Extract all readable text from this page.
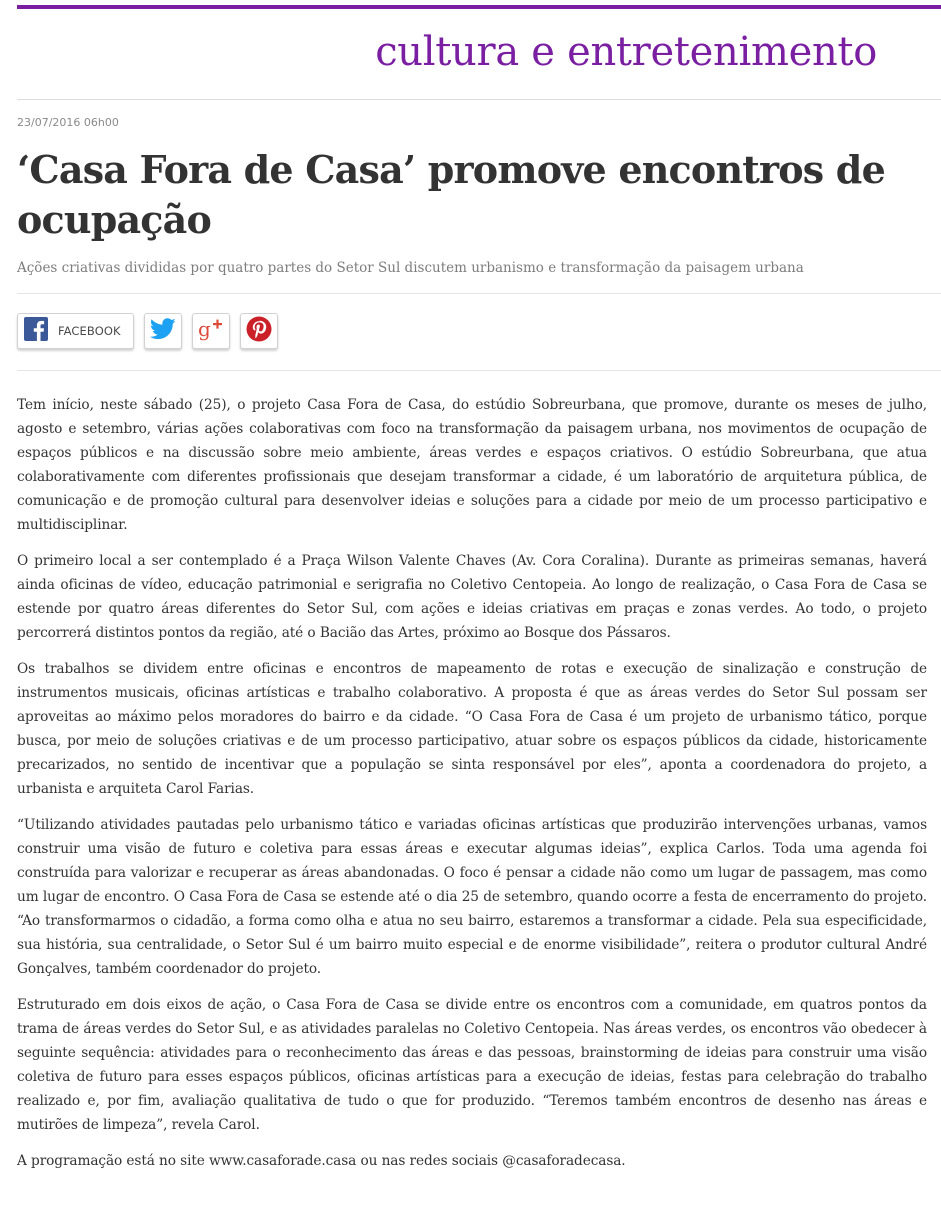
cultura e entretenimento
23/07/2016 06h00
‘Casa Fora de Casa’ promove encontros de ocupação

Ações criativas divididas por quatro partes do Setor Sul discutem urbanismo e transformação da paisagem urbana

FACEBOOK	g

Tem início, neste sábado (25), o projeto Casa Fora de Casa, do estúdio Sobreurbana, que promove, durante os meses de julho, agosto e setembro, várias ações colaborativas com foco na transformação da paisagem urbana, nos movimentos de ocupação de espaços públicos e na discussão sobre meio ambiente, áreas verdes e espaços criativos. O estúdio Sobreurbana, que atua colaborativamente com diferentes profissionais que desejam transformar a cidade, é um laboratório de arquitetura pública, de comunicação e de promoção cultural para desenvolver ideias e soluções para a cidade por meio de um processo participativo e multidisciplinar.

O primeiro local a ser contemplado é a Praça Wilson Valente Chaves (Av. Cora Coralina). Durante as primeiras semanas, haverá ainda oficinas de vídeo, educação patrimonial e serigrafia no Coletivo Centopeia. Ao longo de realização, o Casa Fora de Casa se estende por quatro áreas diferentes do Setor Sul, com ações e ideias criativas em praças e zonas verdes. Ao todo, o projeto percorrerá distintos pontos da região, até o Bacião das Artes, próximo ao Bosque dos Pássaros.

Os trabalhos se dividem entre oficinas e encontros de mapeamento de rotas e execução de sinalização e construção de instrumentos musicais, oficinas artísticas e trabalho colaborativo. A proposta é que as áreas verdes do Setor Sul possam ser aproveitas ao máximo pelos moradores do bairro e da cidade. “O Casa Fora de Casa é um projeto de urbanismo tático, porque busca, por meio de soluções criativas e de um processo participativo, atuar sobre os espaços públicos da cidade, historicamente precarizados, no sentido de incentivar que a população se sinta responsável por eles”, aponta a coordenadora do projeto, a urbanista e arquiteta Carol Farias.

“Utilizando atividades pautadas pelo urbanismo tático e variadas oficinas artísticas que produzirão intervenções urbanas, vamos construir uma visão de futuro e coletiva para essas áreas e executar algumas ideias”, explica Carlos. Toda uma agenda foi construída para valorizar e recuperar as áreas abandonadas. O foco é pensar a cidade não como um lugar de passagem, mas como um lugar de encontro. O Casa Fora de Casa se estende até o dia 25 de setembro, quando ocorre a festa de encerramento do projeto. “Ao transformarmos o cidadão, a forma como olha e atua no seu bairro, estaremos a transformar a cidade. Pela sua especificidade, sua história, sua centralidade, o Setor Sul é um bairro muito especial e de enorme visibilidade”, reitera o produtor cultural André Gonçalves, também coordenador do projeto.

Estruturado em dois eixos de ação, o Casa Fora de Casa se divide entre os encontros com a comunidade, em quatros pontos da trama de áreas verdes do Setor Sul, e as atividades paralelas no Coletivo Centopeia. Nas áreas verdes, os encontros vão obedecer à seguinte sequência: atividades para o reconhecimento das áreas e das pessoas, brainstorming de ideias para construir uma visão coletiva de futuro para esses espaços públicos, oficinas artísticas para a execução de ideias, festas para celebração do trabalho realizado e, por fim, avaliação qualitativa de tudo o que for produzido. “Teremos também encontros de desenho nas áreas e mutirões de limpeza”, revela Carol.

A programação está no site www.casaforade.casa ou nas redes sociais @casaforadecasa.
